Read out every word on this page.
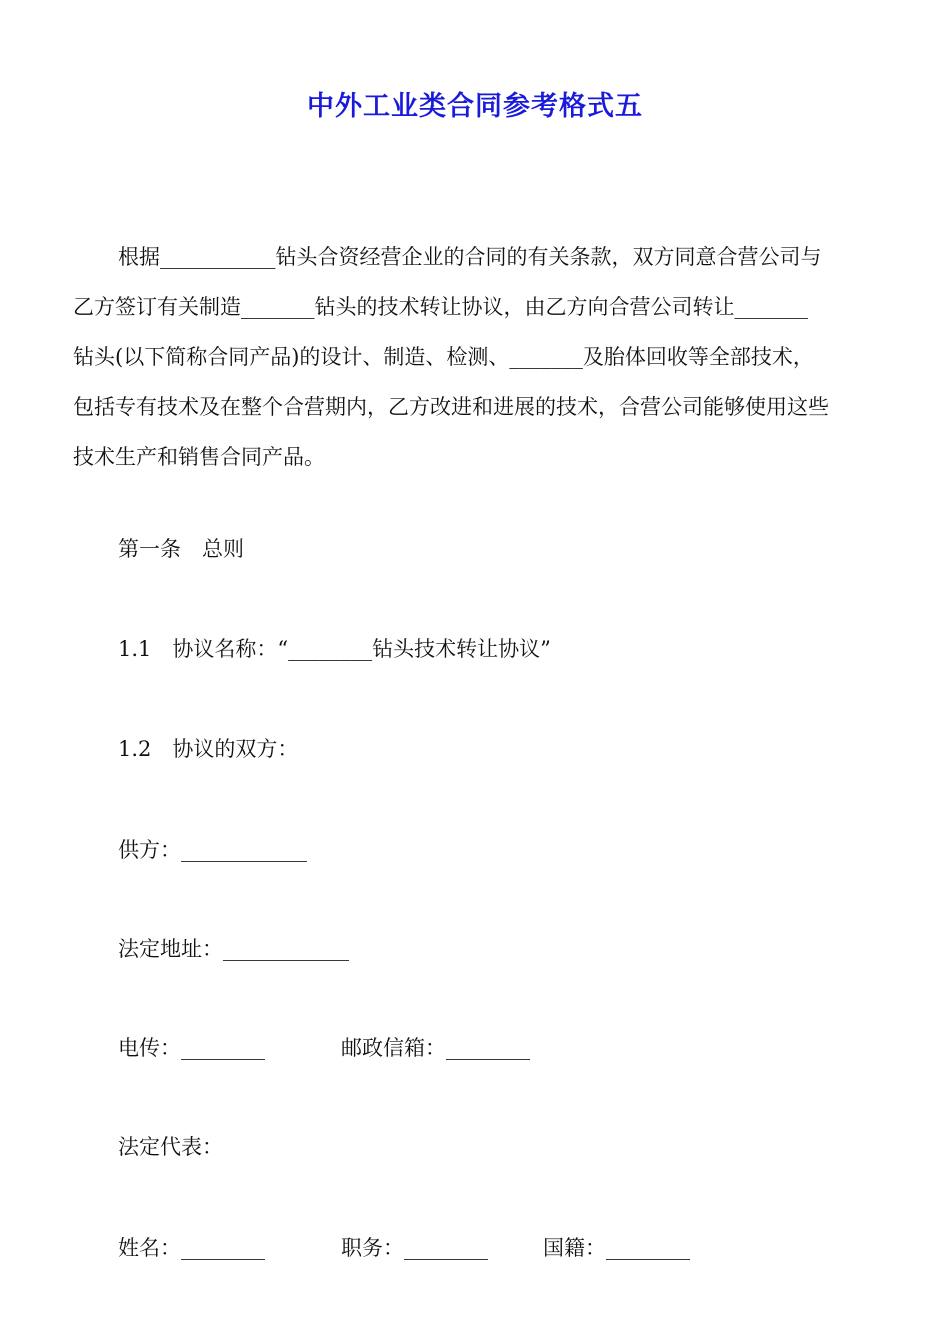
中外工业类合同参考格式五
根据___________钻头合资经营企业的合同的有关条款，双方同意合营公司与
乙方签订有关制造_______钻头的技术转让协议，由乙方向合营公司转让_______
钻头(以下简称合同产品)的设计、制造、检测、_______及胎体回收等全部技术，
包括专有技术及在整个合营期内，乙方改进和进展的技术，合营公司能够使用这些
技术生产和销售合同产品。
第一条　总则
1.1　协议名称：“________钻头技术转让协议”
1.2　协议的双方：
供方：____________
法定地址：____________
电传：________	邮政信箱：________
法定代表：
姓名：________	职务：________	国籍：________
